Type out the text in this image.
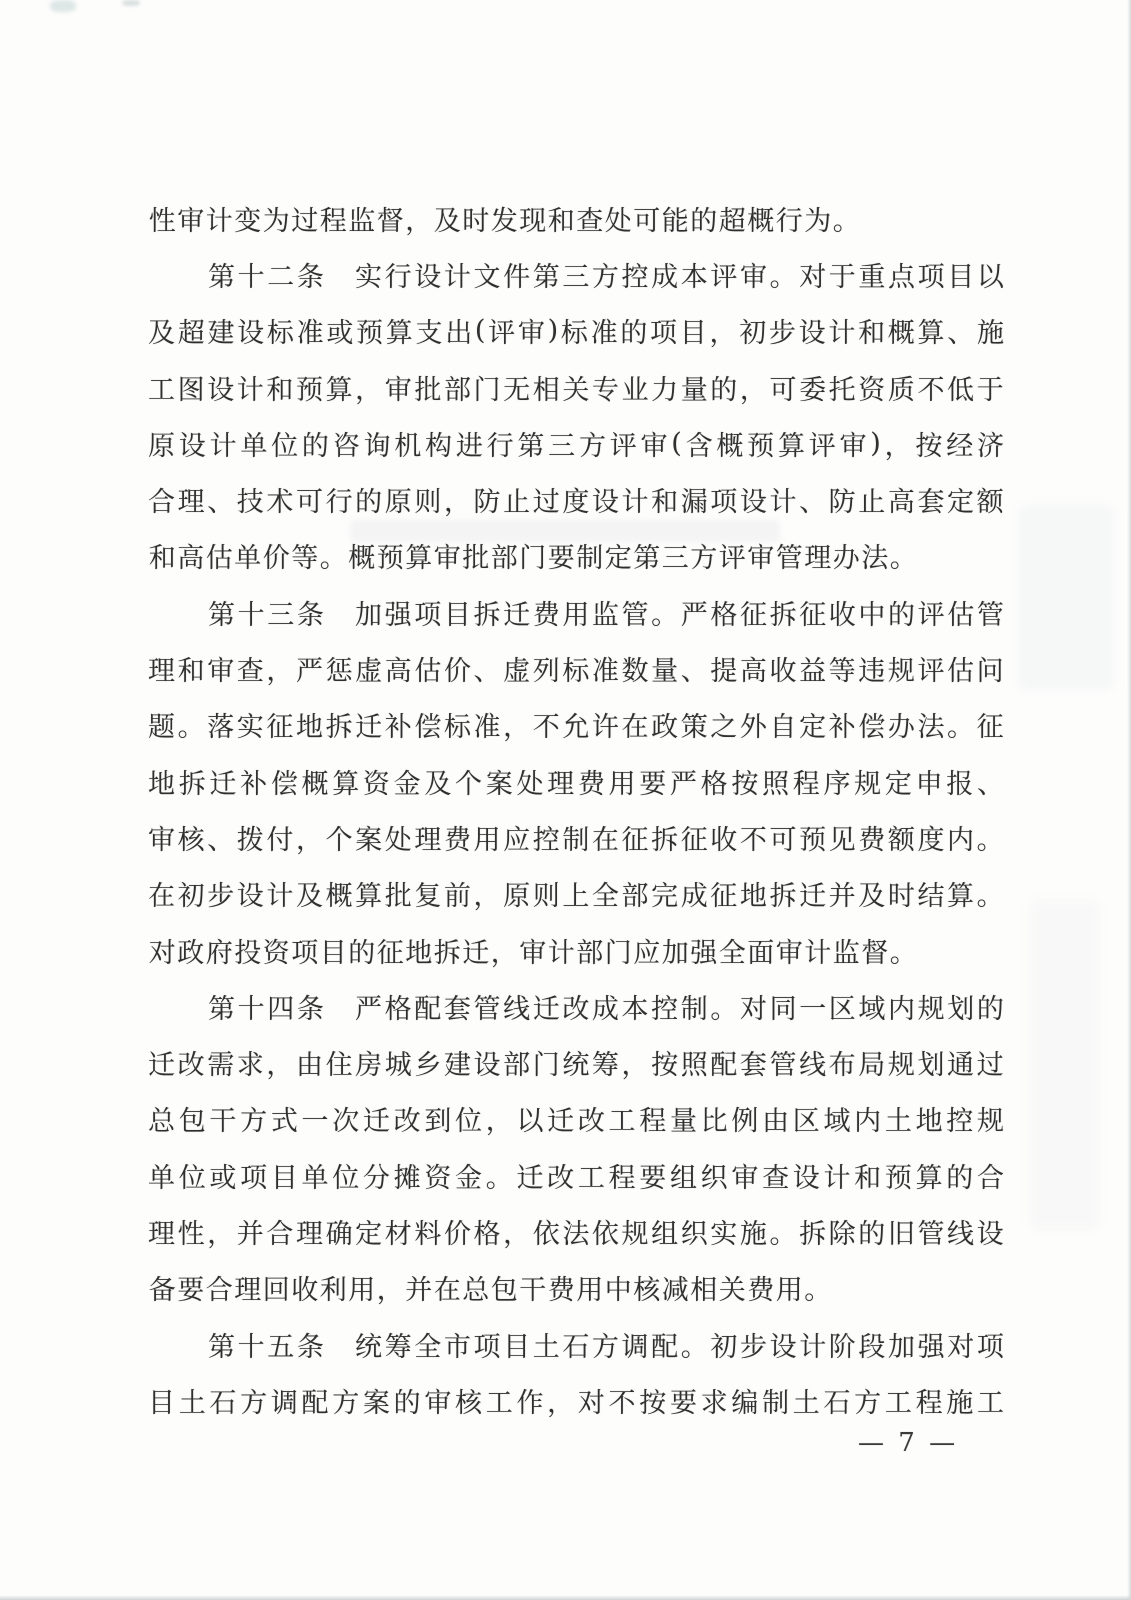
性 审 计 变 为 过 程 监 督 ， 及 时 发 现 和 查 处 可 能 的 超 概 行 为 。
第 十 二 条 实 行 设 计 文 件 第 三 方 控 成 本 评 审 。 对 于 重 点 项 目 以
及 超 建 设 标 准 或 预 算 支 出 ( 评 审 ) 标 准 的 项 目 ， 初 步 设 计 和 概 算 、 施
工 图 设 计 和 预 算 ， 审 批 部 门 无 相 关 专 业 力 量 的 ， 可 委 托 资 质 不 低 于
原 设 计 单 位 的 咨 询 机 构 进 行 第 三 方 评 审 ( 含 概 预 算 评 审 ) ， 按 经 济
合 理 、 技 术 可 行 的 原 则 ， 防 止 过 度 设 计 和 漏 项 设 计 、 防 止 高 套 定 额
和 高 估 单 价 等 。 概 预 算 审 批 部 门 要 制 定 第 三 方 评 审 管 理 办 法 。
第 十 三 条 加 强 项 目 拆 迁 费 用 监 管 。 严 格 征 拆 征 收 中 的 评 估 管
理 和 审 查 ， 严 惩 虚 高 估 价 、 虚 列 标 准 数 量 、 提 高 收 益 等 违 规 评 估 问
题 。 落 实 征 地 拆 迁 补 偿 标 准 ， 不 允 许 在 政 策 之 外 自 定 补 偿 办 法 。 征
地 拆 迁 补 偿 概 算 资 金 及 个 案 处 理 费 用 要 严 格 按 照 程 序 规 定 申 报 、
审 核 、 拨 付 ， 个 案 处 理 费 用 应 控 制 在 征 拆 征 收 不 可 预 见 费 额 度 内 。
在 初 步 设 计 及 概 算 批 复 前 ， 原 则 上 全 部 完 成 征 地 拆 迁 并 及 时 结 算 。
对 政 府 投 资 项 目 的 征 地 拆 迁 ， 审 计 部 门 应 加 强 全 面 审 计 监 督 。
第 十 四 条 严 格 配 套 管 线 迁 改 成 本 控 制 。 对 同 一 区 域 内 规 划 的
迁 改 需 求 ， 由 住 房 城 乡 建 设 部 门 统 筹 ， 按 照 配 套 管 线 布 局 规 划 通 过
总 包 干 方 式 一 次 迁 改 到 位 ， 以 迁 改 工 程 量 比 例 由 区 域 内 土 地 控 规
单 位 或 项 目 单 位 分 摊 资 金 。 迁 改 工 程 要 组 织 审 查 设 计 和 预 算 的 合
理 性 ， 并 合 理 确 定 材 料 价 格 ， 依 法 依 规 组 织 实 施 。 拆 除 的 旧 管 线 设
备 要 合 理 回 收 利 用 ， 并 在 总 包 干 费 用 中 核 减 相 关 费 用 。
第 十 五 条 统 筹 全 市 项 目 土 石 方 调 配 。 初 步 设 计 阶 段 加 强 对 项
目 土 石 方 调 配 方 案 的 审 核 工 作 ， 对 不 按 要 求 编 制 土 石 方 工 程 施 工
— 7 —
